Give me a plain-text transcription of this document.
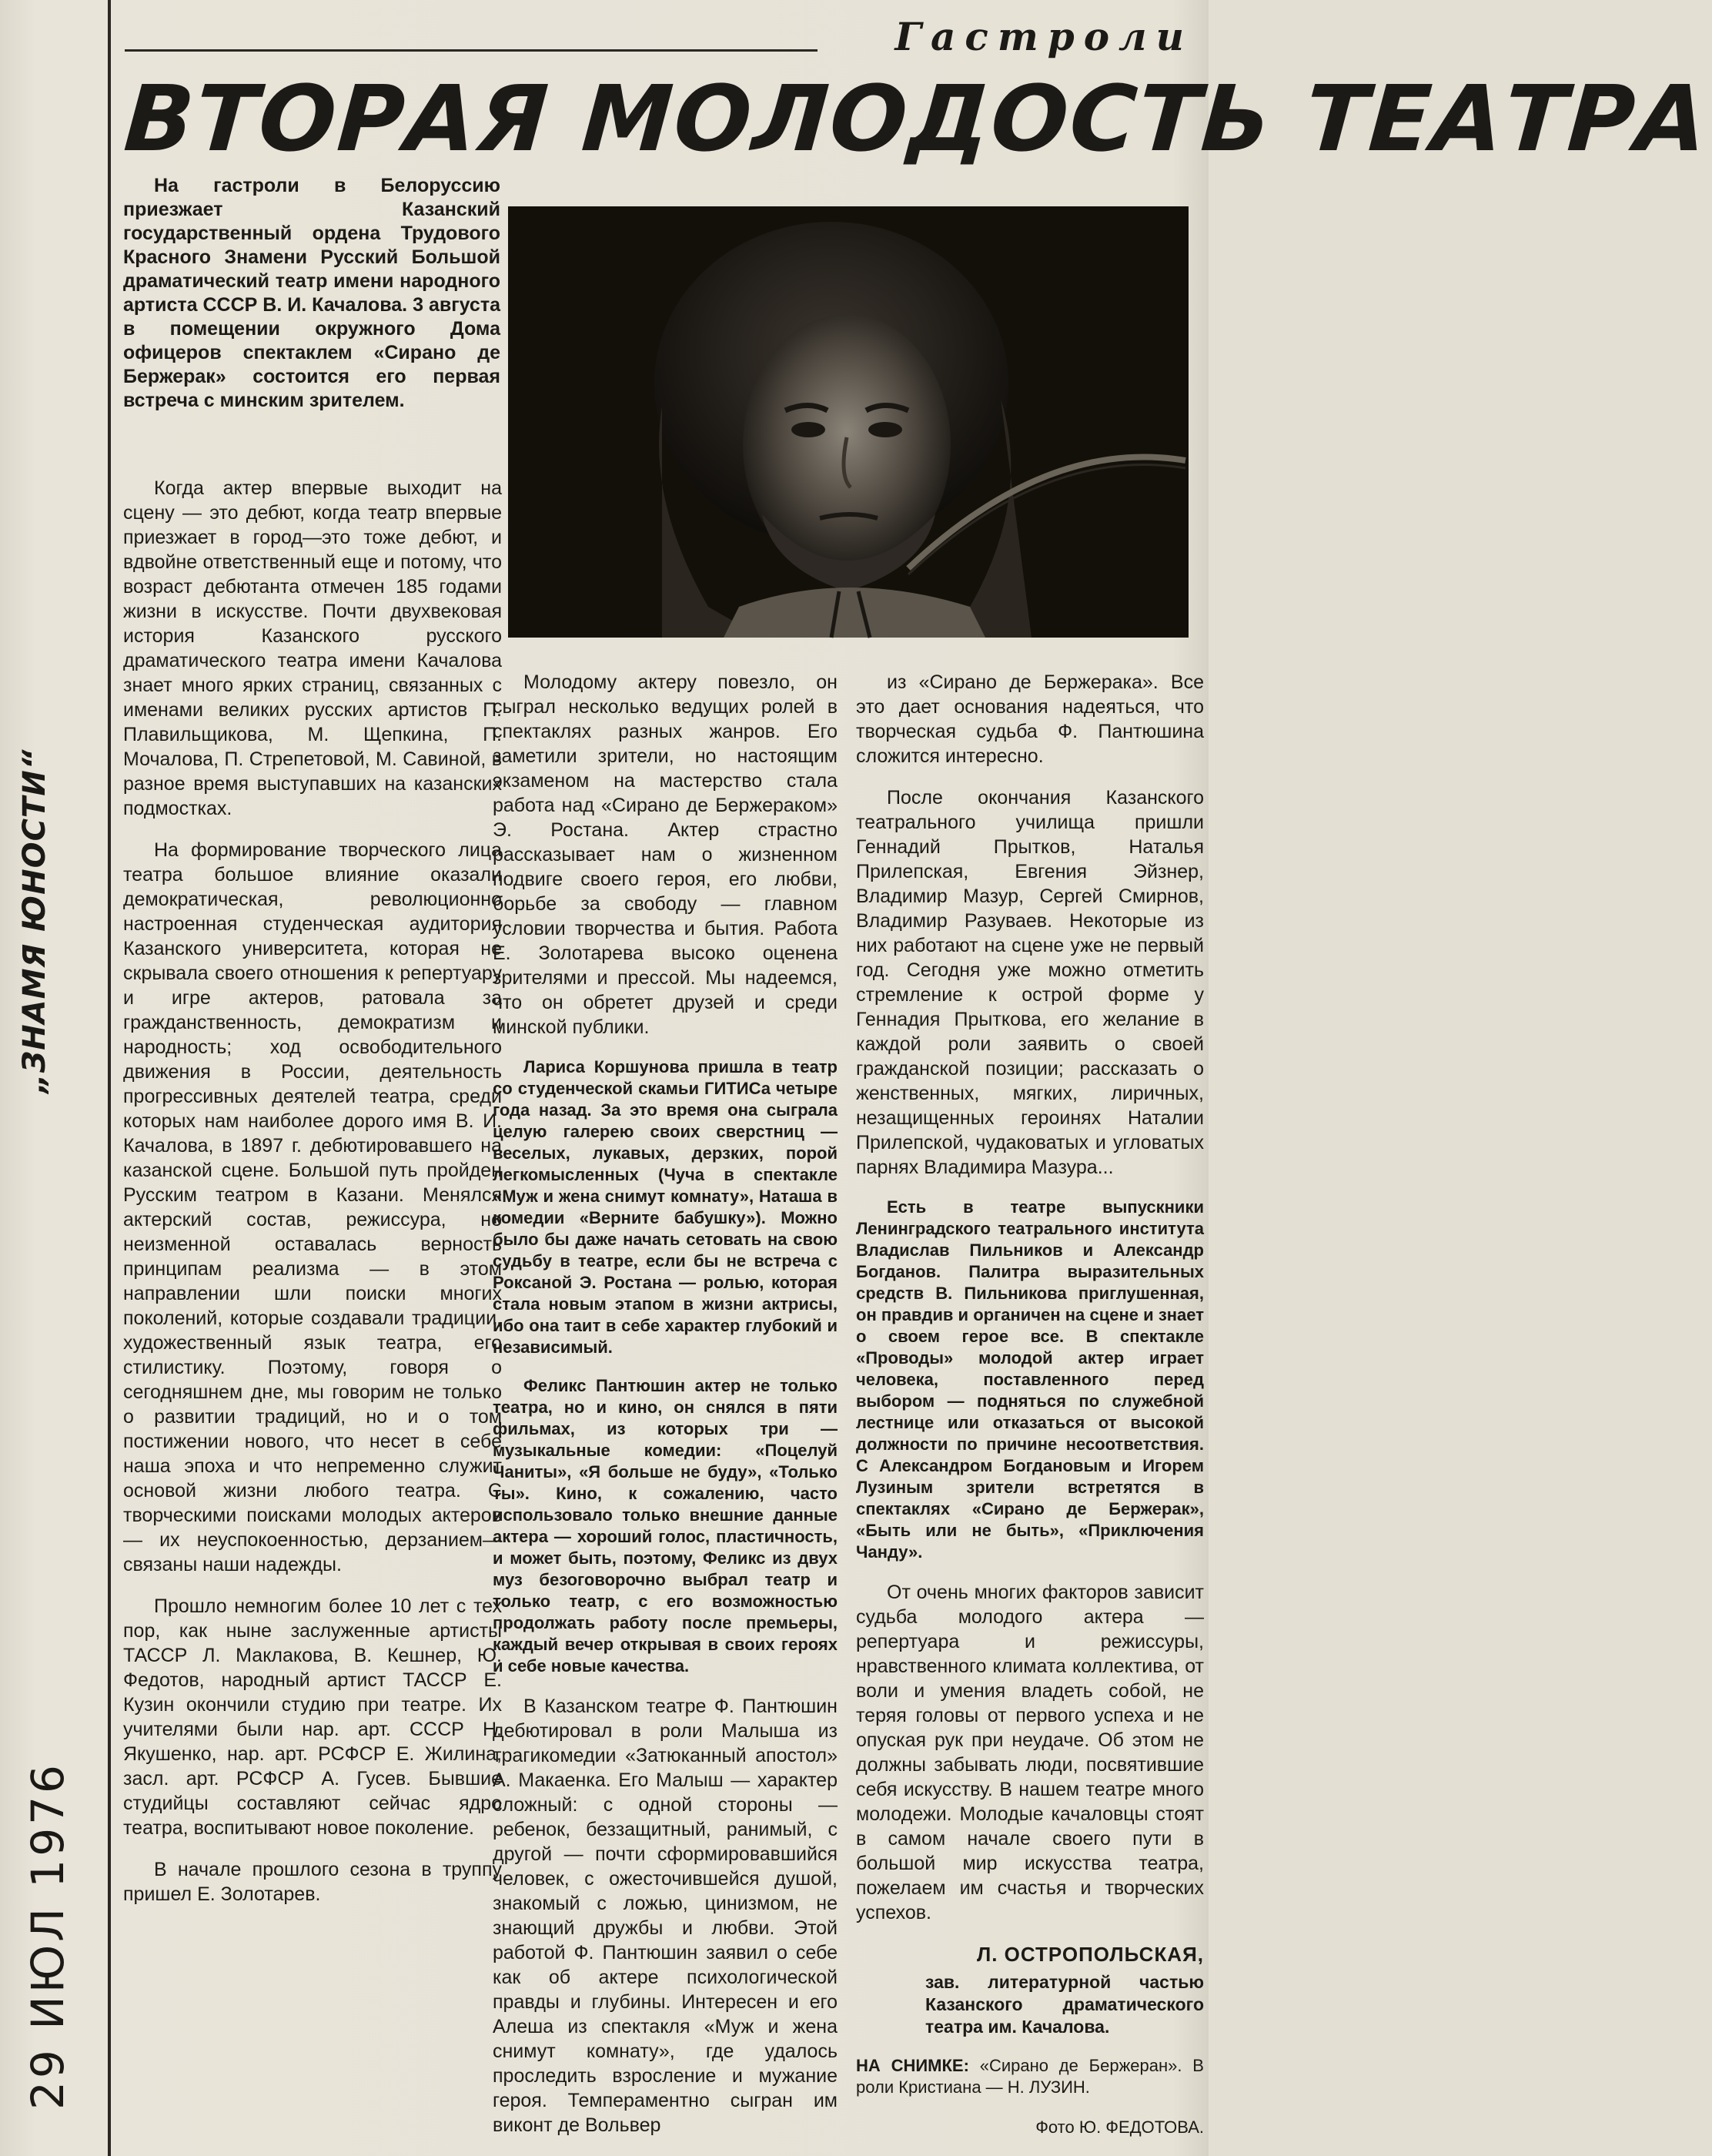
„ЗНАМЯ ЮНОСТИ“
29 ИЮЛ 1976
Гастроли
ВТОРАЯ МОЛОДОСТЬ ТЕАТРА

На гастроли в Белоруссию приезжает Казанский государственный ордена Трудового Красного Знамени Русский Большой драматический театр имени народного артиста СССР В. И. Качалова. 3 августа в помещении окружного Дома офицеров спектаклем «Сирано де Бержерак» состоится его первая встреча с минским зрителем.

Когда актер впервые выходит на сцену — это дебют, когда театр впервые приезжает в город—это тоже дебют, и вдвойне ответственный еще и потому, что возраст дебютанта отмечен 185 годами жизни в искусстве. Почти двухвековая история Казанского русского драматического театра имени Качалова знает много ярких страниц, связанных с именами великих русских артистов П. Плавильщикова, М. Щепкина, П. Мочалова, П. Стрепетовой, М. Савиной, в разное время выступавших на казанских подмостках.

На формирование творческого лица театра большое влияние оказали демократическая, революционно настроенная студенческая аудитория Казанского университета, которая не скрывала своего отношения к репертуару и игре актеров, ратовала за гражданственность, демократизм и народность; ход освободительного движения в России, деятельность прогрессивных деятелей театра, среди которых нам наиболее дорого имя В. И. Качалова, в 1897 г. дебютировавшего на казанской сцене. Большой путь пройден Русским театром в Казани. Менялся актерский состав, режиссура, но неизменной оставалась верность принципам реализма — в этом направлении шли поиски многих поколений, которые создавали традиции, художественный язык театра, его стилистику. Поэтому, говоря о сегодняшнем дне, мы говорим не только о развитии традиций, но и о том постижении нового, что несет в себе наша эпоха и что непременно служит основой жизни любого театра. С творческими поисками молодых актеров — их неуспокоенностью, дерзанием—связаны наши надежды.

Прошло немногим более 10 лет с тех пор, как ныне заслуженные артисты ТАССР Л. Маклакова, В. Кешнер, Ю. Федотов, народный артист ТАССР Е. Кузин окончили студию при театре. Их учителями были нар. арт. СССР Н. Якушенко, нар. арт. РСФСР Е. Жилина, засл. арт. РСФСР А. Гусев. Бывшие студийцы составляют сейчас ядро театра, воспитывают новое поколение.

В начале прошлого сезона в труппу пришел Е. Золотарев.

Молодому актеру повезло, он сыграл несколько ведущих ролей в спектаклях разных жанров. Его заметили зрители, но настоящим экзаменом на мастерство стала работа над «Сирано де Бержераком» Э. Ростана. Актер страстно рассказывает нам о жизненном подвиге своего героя, его любви, борьбе за свободу — главном условии творчества и бытия. Работа Е. Золотарева высоко оценена зрителями и прессой. Мы надеемся, что он обретет друзей и среди минской публики.

Лариса Коршунова пришла в театр со студенческой скамьи ГИТИСа четыре года назад. За это время она сыграла целую галерею своих сверстниц — веселых, лукавых, дерзких, порой легкомысленных (Чуча в спектакле «Муж и жена снимут комнату», Наташа в комедии «Верните бабушку»). Можно было бы даже начать сетовать на свою судьбу в театре, если бы не встреча с Роксаной Э. Ростана — ролью, которая стала новым этапом в жизни актрисы, ибо она таит в себе характер глубокий и независимый.

Феликс Пантюшин актер не только театра, но и кино, он снялся в пяти фильмах, из которых три — музыкальные комедии: «Поцелуй Чаниты», «Я больше не буду», «Только ты». Кино, к сожалению, часто использовало только внешние данные актера — хороший голос, пластичность, и может быть, поэтому, Феликс из двух муз безоговорочно выбрал театр и только театр, с его возможностью продолжать работу после премьеры, каждый вечер открывая в своих героях и себе новые качества.

В Казанском театре Ф. Пантюшин дебютировал в роли Малыша из трагикомедии «Затюканный апостол» А. Макаенка. Его Малыш — характер сложный: с одной стороны — ребенок, беззащитный, ранимый, с другой — почти сформировавшийся человек, с ожесточившейся душой, знакомый с ложью, цинизмом, не знающий дружбы и любви. Этой работой Ф. Пантюшин заявил о себе как об актере психологической правды и глубины. Интересен и его Алеша из спектакля «Муж и жена снимут комнату», где удалось проследить взросление и мужание героя. Темпераментно сыгран им виконт де Вольвер

из «Сирано де Бержерака». Все это дает основания надеяться, что творческая судьба Ф. Пантюшина сложится интересно.

После окончания Казанского театрального училища пришли Геннадий Прытков, Наталья Прилепская, Евгения Эйзнер, Владимир Мазур, Сергей Смирнов, Владимир Разуваев. Некоторые из них работают на сцене уже не первый год. Сегодня уже можно отметить стремление к острой форме у Геннадия Прыткова, его желание в каждой роли заявить о своей гражданской позиции; рассказать о женственных, мягких, лиричных, незащищенных героинях Наталии Прилепской, чудаковатых и угловатых парнях Владимира Мазура...

Есть в театре выпускники Ленинградского театрального института Владислав Пильников и Александр Богданов. Палитра выразительных средств В. Пильникова приглушенная, он правдив и органичен на сцене и знает о своем герое все. В спектакле «Проводы» молодой актер играет человека, поставленного перед выбором — подняться по служебной лестнице или отказаться от высокой должности по причине несоответствия. С Александром Богдановым и Игорем Лузиным зрители встретятся в спектаклях «Сирано де Бержерак», «Быть или не быть», «Приключения Чанду».

От очень многих факторов зависит судьба молодого актера — репертуара и режиссуры, нравственного климата коллектива, от воли и умения владеть собой, не теряя головы от первого успеха и не опуская рук при неудаче. Об этом не должны забывать люди, посвятившие себя искусству. В нашем театре много молодежи. Молодые качаловцы стоят в самом начале своего пути в большой мир искусства театра, пожелаем им счастья и творческих успехов.

Л. ОСТРОПОЛЬСКАЯ,

зав. литературной частью Казанского драматического театра им. Качалова.

НА СНИМКЕ: «Сирано де Бержеран». В роли Кристиана — Н. ЛУЗИН.

Фото Ю. ФЕДОТОВА.
